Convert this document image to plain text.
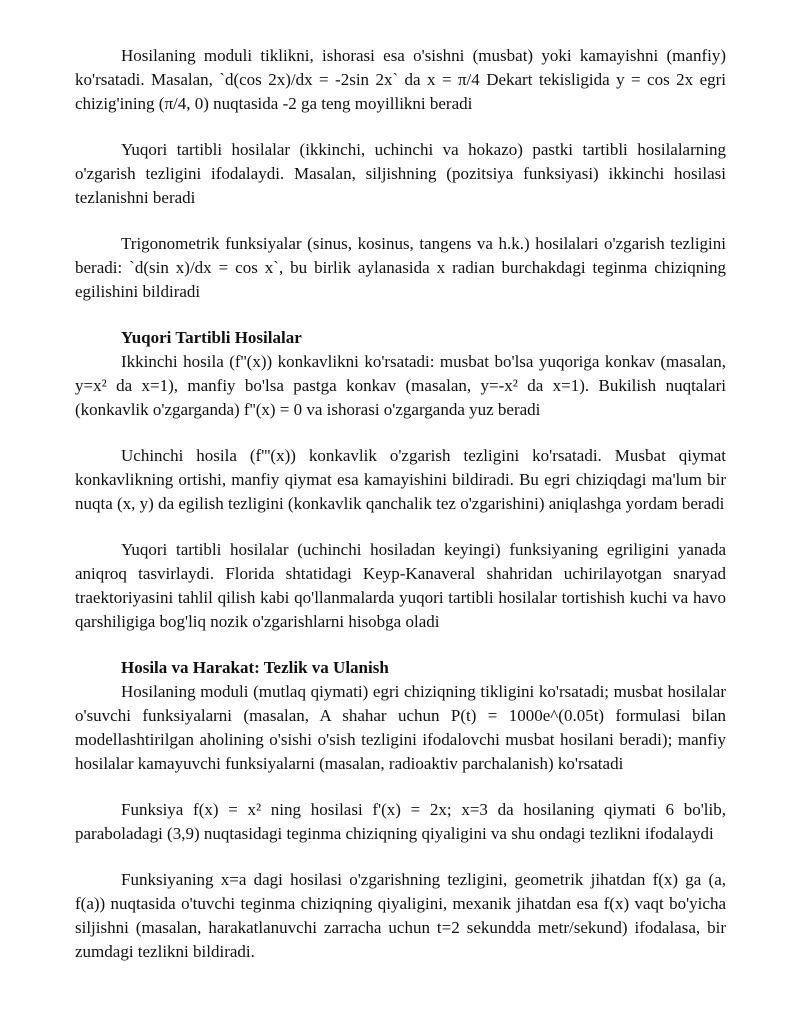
Hosilaning moduli tiklikni, ishorasi esa o'sishni (musbat) yoki kamayishni (manfiy) ko'rsatadi. Masalan, `d(cos 2x)/dx = -2sin 2x` da x = π/4 Dekart tekisligida y = cos 2x egri chizig'ining (π/4, 0) nuqtasida -2 ga teng moyillikni beradi

Yuqori tartibli hosilalar (ikkinchi, uchinchi va hokazo) pastki tartibli hosilalarning o'zgarish tezligini ifodalaydi. Masalan, siljishning (pozitsiya funksiyasi) ikkinchi hosilasi tezlanishni beradi

Trigonometrik funksiyalar (sinus, kosinus, tangens va h.k.) hosilalari o'zgarish tezligini beradi: `d(sin x)/dx = cos x`, bu birlik aylanasida x radian burchakdagi teginma chiziqning egilishini bildiradi

Yuqori Tartibli Hosilalar

Ikkinchi hosila (f''(x)) konkavlikni ko'rsatadi: musbat bo'lsa yuqoriga konkav (masalan, y=x² da x=1), manfiy bo'lsa pastga konkav (masalan, y=-x² da x=1). Bukilish nuqtalari (konkavlik o'zgarganda) f''(x) = 0 va ishorasi o'zgarganda yuz beradi

Uchinchi hosila (f'''(x)) konkavlik o'zgarish tezligini ko'rsatadi. Musbat qiymat konkavlikning ortishi, manfiy qiymat esa kamayishini bildiradi. Bu egri chiziqdagi ma'lum bir nuqta (x, y) da egilish tezligini (konkavlik qanchalik tez o'zgarishini) aniqlashga yordam beradi

Yuqori tartibli hosilalar (uchinchi hosiladan keyingi) funksiyaning egriligini yanada aniqroq tasvirlaydi. Florida shtatidagi Keyp-Kanaveral shahridan uchirilayotgan snaryad traektoriyasini tahlil qilish kabi qo'llanmalarda yuqori tartibli hosilalar tortishish kuchi va havo qarshiligiga bog'liq nozik o'zgarishlarni hisobga oladi

Hosila va Harakat: Tezlik va Ulanish

Hosilaning moduli (mutlaq qiymati) egri chiziqning tikligini ko'rsatadi; musbat hosilalar o'suvchi funksiyalarni (masalan, A shahar uchun P(t) = 1000e^(0.05t) formulasi bilan modellashtirilgan aholining o'sishi o'sish tezligini ifodalovchi musbat hosilani beradi); manfiy hosilalar kamayuvchi funksiyalarni (masalan, radioaktiv parchalanish) ko'rsatadi

Funksiya f(x) = x² ning hosilasi f'(x) = 2x; x=3 da hosilaning qiymati 6 bo'lib, paraboladagi (3,9) nuqtasidagi teginma chiziqning qiyaligini va shu ondagi tezlikni ifodalaydi

Funksiyaning x=a dagi hosilasi o'zgarishning tezligini, geometrik jihatdan f(x) ga (a, f(a)) nuqtasida o'tuvchi teginma chiziqning qiyaligini, mexanik jihatdan esa f(x) vaqt bo'yicha siljishni (masalan, harakatlanuvchi zarracha uchun t=2 sekundda metr/sekund) ifodalasa, bir zumdagi tezlikni bildiradi.
